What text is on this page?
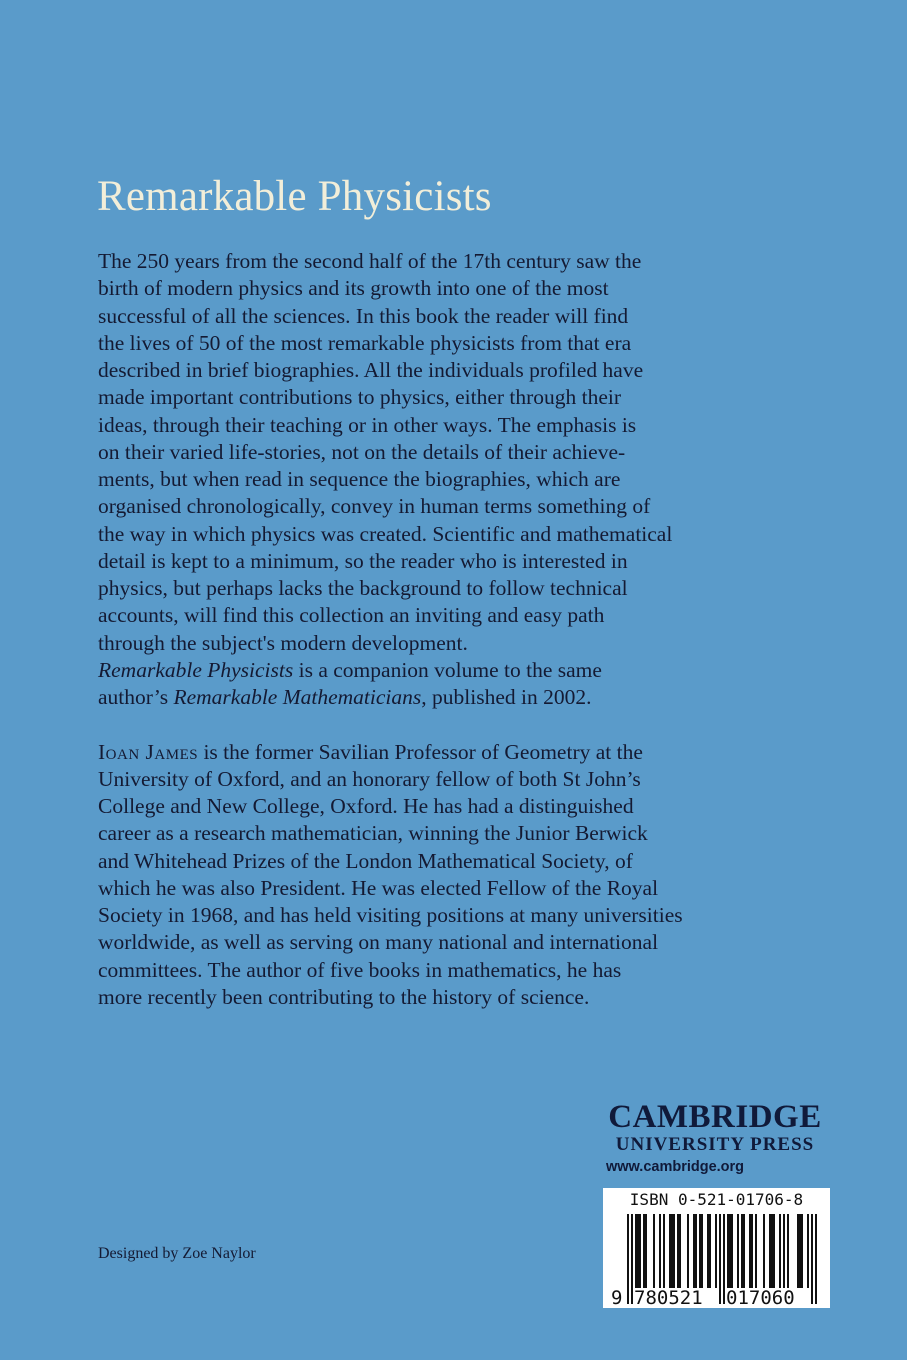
Remarkable Physicists
The 250 years from the second half of the 17th century saw the
birth of modern physics and its growth into one of the most
successful of all the sciences. In this book the reader will find
the lives of 50 of the most remarkable physicists from that era
described in brief biographies. All the individuals profiled have
made important contributions to physics, either through their
ideas, through their teaching or in other ways. The emphasis is
on their varied life-stories, not on the details of their achieve-
ments, but when read in sequence the biographies, which are
organised chronologically, convey in human terms something of
the way in which physics was created. Scientific and mathematical
detail is kept to a minimum, so the reader who is interested in
physics, but perhaps lacks the background to follow technical
accounts, will find this collection an inviting and easy path
through the subject's modern development.
Remarkable Physicists is a companion volume to the same
author’s Remarkable Mathematicians, published in 2002.
Ioan James is the former Savilian Professor of Geometry at the
University of Oxford, and an honorary fellow of both St John’s
College and New College, Oxford. He has had a distinguished
career as a research mathematician, winning the Junior Berwick
and Whitehead Prizes of the London Mathematical Society, of
which he was also President. He was elected Fellow of the Royal
Society in 1968, and has held visiting positions at many universities
worldwide, as well as serving on many national and international
committees. The author of five books in mathematics, he has
more recently been contributing to the history of science.
CAMBRIDGE
UNIVERSITY PRESS
www.cambridge.org
ISBN 0-521-01706-8
9 780521 017060
Designed by Zoe Naylor
